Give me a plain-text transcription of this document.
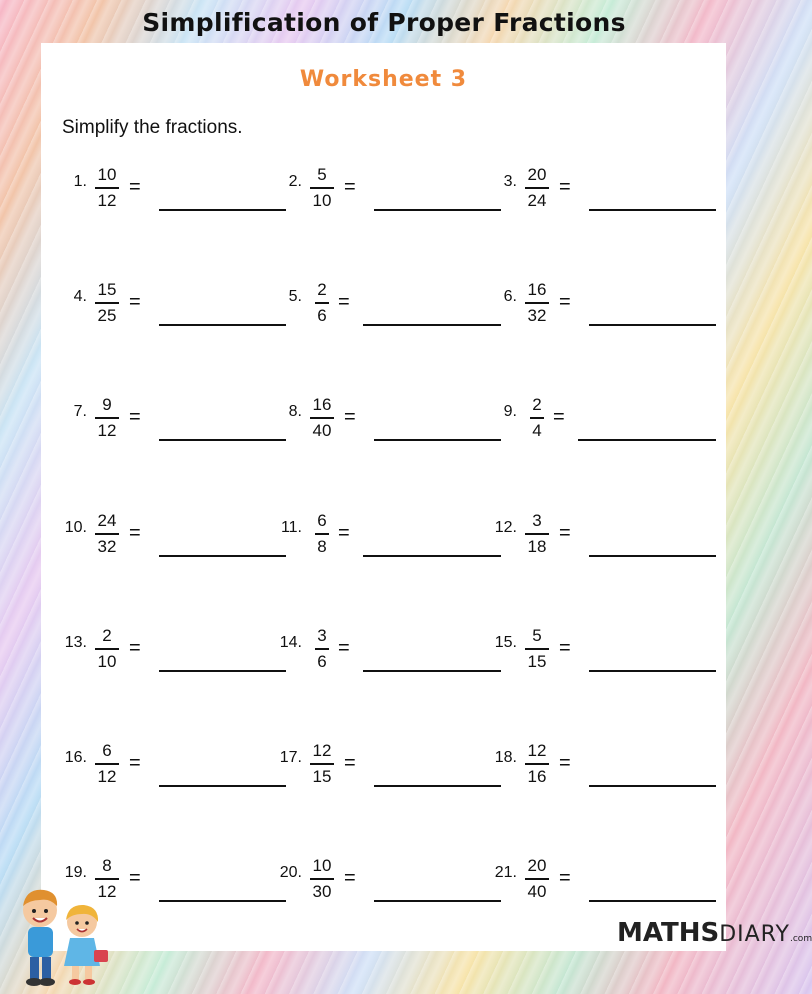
Simplification of Proper Fractions
Worksheet 3
Simplify the fractions.
1. 10
12
=	2. 5
10
=	3. 20
24
=
4. 15
25
=	5. 2
6
=	6. 16
32
=
7. 9
12
=	8. 16
40
=	9. 2
4
=
10. 24
32
=	11. 6
8
=	12. 3
18
=
13. 2
10
=	14. 3
6
=	15. 5
15
=
16. 6
12
=	17. 12
15
=	18. 12
16
=
19. 8
12
=	20. 10
30
=	21. 20
40
=
MATHSDIARY.com
